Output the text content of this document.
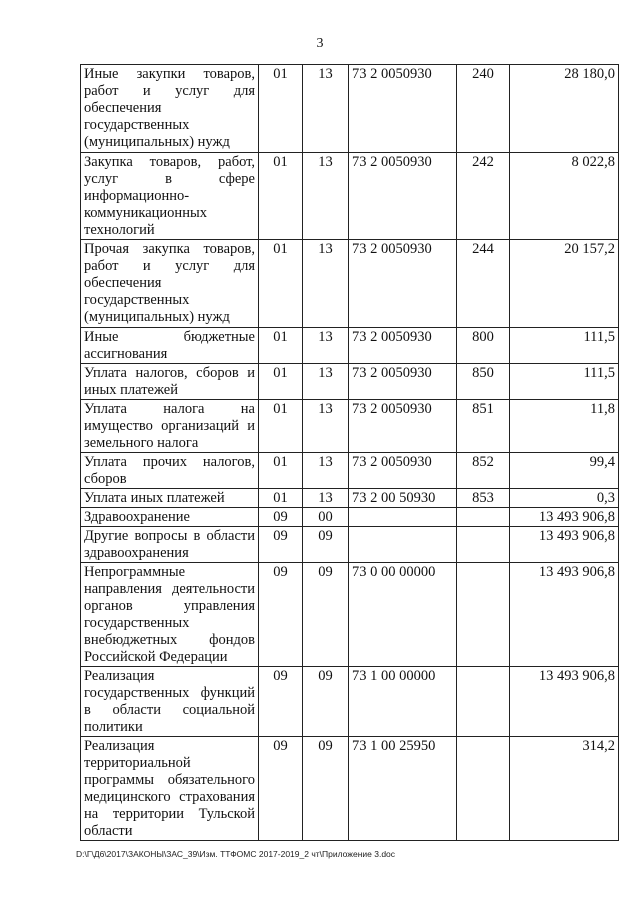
3
Иные закупки товаров, работ и услуг для обеспечения государственных (муниципальных) нужд	01	13	73 2 0050930	240	28 180,0
Закупка товаров, работ, услуг в сфере информационно-коммуникационных технологий	01	13	73 2 0050930	242	8 022,8
Прочая закупка товаров, работ и услуг для обеспечения государственных (муниципальных) нужд	01	13	73 2 0050930	244	20 157,2
Иные бюджетные ассигнования	01	13	73 2 0050930	800	111,5
Уплата налогов, сборов и иных платежей	01	13	73 2 0050930	850	111,5
Уплата налога на имущество организаций и земельного налога	01	13	73 2 0050930	851	11,8
Уплата прочих налогов, сборов	01	13	73 2 0050930	852	99,4
Уплата иных платежей	01	13	73 2 00 50930	853	0,3
Здравоохранение	09	00			13 493 906,8
Другие вопросы в области здравоохранения	09	09			13 493 906,8
Непрограммные направления деятельности органов управления государственных внебюджетных фондов Российской Федерации	09	09	73 0 00 00000		13 493 906,8
Реализация государственных функций в области социальной политики	09	09	73 1 00 00000		13 493 906,8
Реализация территориальной программы обязательного медицинского страхования на территории Тульской области	09	09	73 1 00 25950		314,2
D:\Г\Д6\2017\ЗАКОНЫ\ЗАС_39\Изм. ТТФОМС 2017-2019_2 чт\Приложение 3.doc
